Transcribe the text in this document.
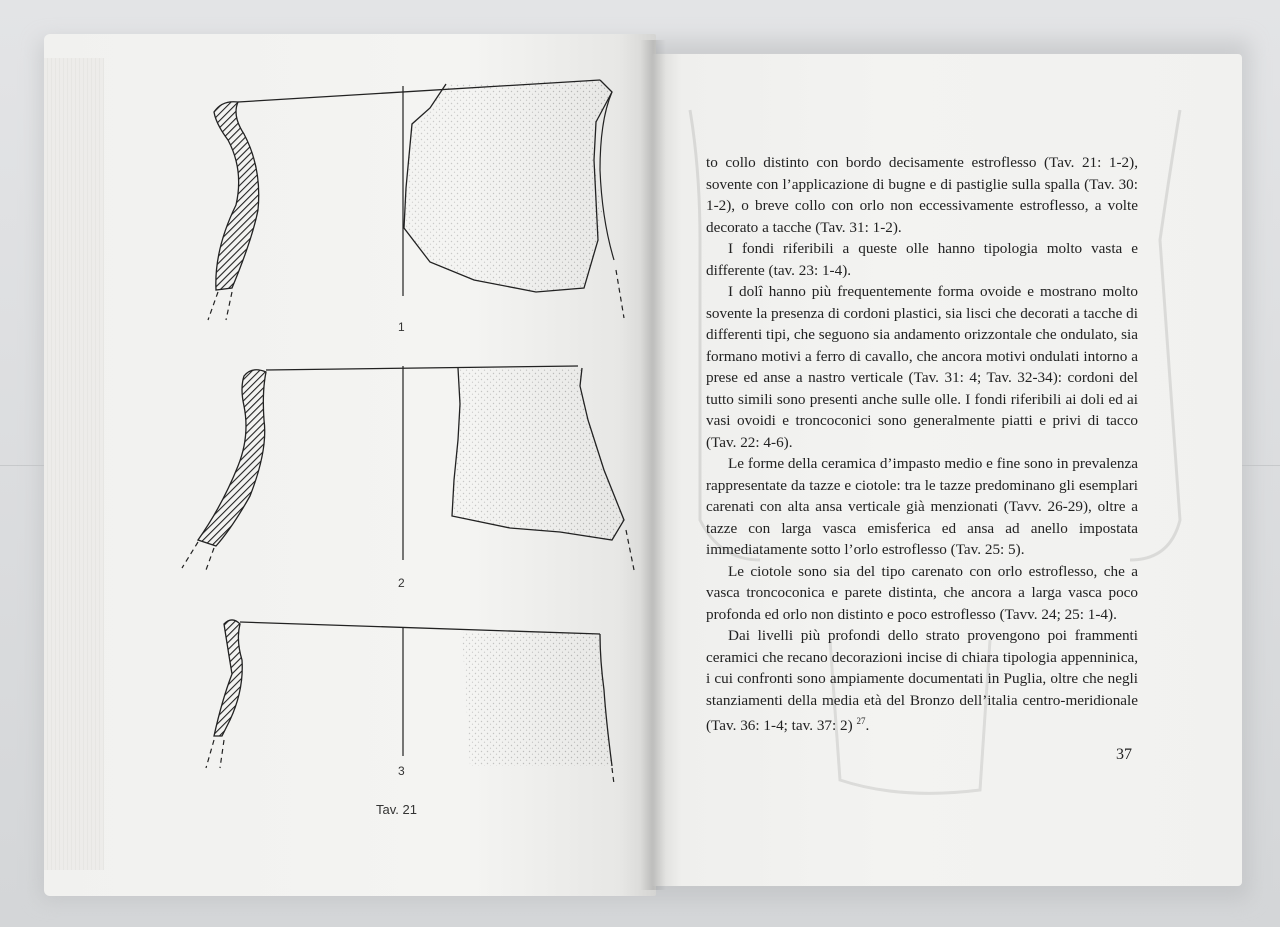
1
2
3
Tav. 21

to collo distinto con bordo decisamente estroflesso (Tav. 21: 1-2), sovente con l’applicazione di bugne e di pastiglie sulla spalla (Tav. 30: 1-2), o breve collo con orlo non eccessivamente estroflesso, a volte decorato a tacche (Tav. 31: 1-2).

I fondi riferibili a queste olle hanno tipologia molto vasta e differente (tav. 23: 1-4).

I dolî hanno più frequentemente forma ovoide e mostrano molto sovente la presenza di cordoni plastici, sia lisci che decorati a tacche di differenti tipi, che seguono sia andamento orizzontale che ondulato, sia formano motivi a ferro di cavallo, che ancora motivi ondulati intorno a prese ed anse a nastro verticale (Tav. 31: 4; Tav. 32-34): cordoni del tutto simili sono presenti anche sulle olle. I fondi riferibili ai doli ed ai vasi ovoidi e troncoconici sono generalmente piatti e privi di tacco (Tav. 22: 4-6).

Le forme della ceramica d’impasto medio e fine sono in prevalenza rappresentate da tazze e ciotole: tra le tazze predominano gli esemplari carenati con alta ansa verticale già menzionati (Tavv. 26-29), oltre a tazze con larga vasca emisferica ed ansa ad anello impostata immediatamente sotto l’orlo estroflesso (Tav. 25: 5).

Le ciotole sono sia del tipo carenato con orlo estroflesso, che a vasca troncoconica e parete distinta, che ancora a larga vasca poco profonda ed orlo non distinto e poco estroflesso (Tavv. 24; 25: 1-4).

Dai livelli più profondi dello strato provengono poi frammenti ceramici che recano decorazioni incise di chiara tipologia appenninica, i cui confronti sono ampiamente documentati in Puglia, oltre che negli stanziamenti della media età del Bronzo dell’italia centro-meridionale (Tav. 36: 1-4; tav. 37: 2) $^{27}$.

37
